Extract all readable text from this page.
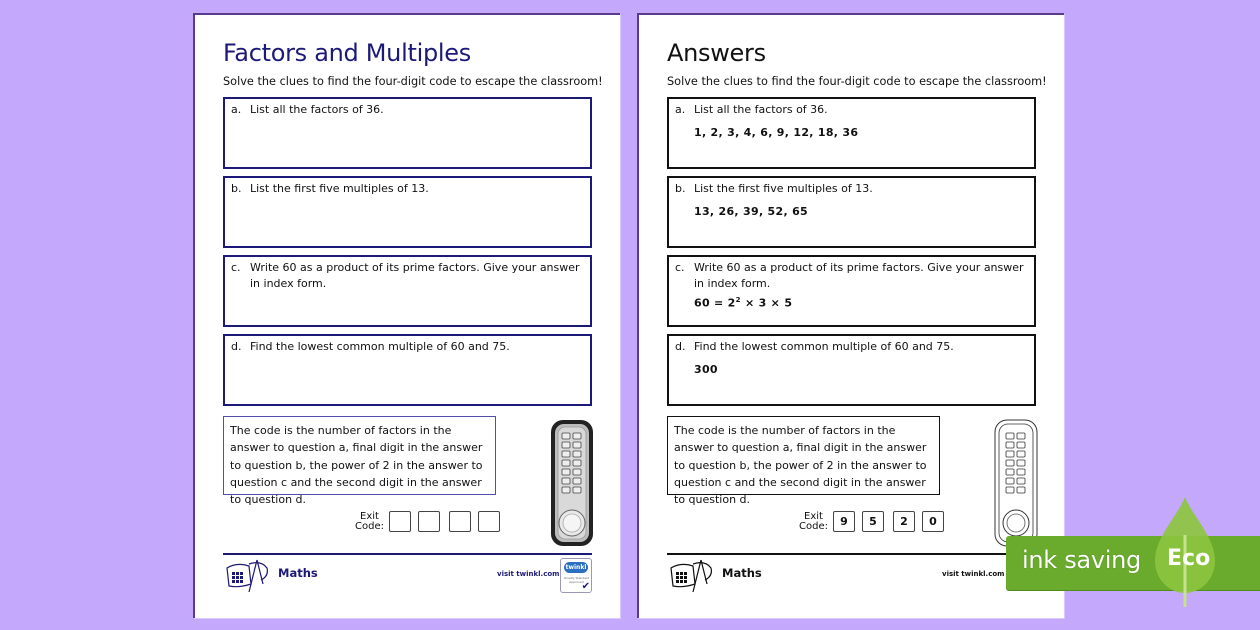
Factors and Multiples
Solve the clues to find the four-digit code to escape the classroom!
a. List all the factors of 36.
b. List the first five multiples of 13.
c. Write 60 as a product of its prime factors. Give your answer in index form.
d. Find the lowest common multiple of 60 and 75.
The code is the number of factors in the answer to question a, final digit in the answer to question b, the power of 2 in the answer to question c and the second digit in the answer to question d.
Exit
Code:
Maths	visit twinkl.com
twinkl
Quality Standard Approved
✔
Answers
Solve the clues to find the four-digit code to escape the classroom!
a. List all the factors of 36.
1, 2, 3, 4, 6, 9, 12, 18, 36
b. List the first five multiples of 13.
13, 26, 39, 52, 65
c. Write 60 as a product of its prime factors. Give your answer in index form.
$60 = 2^2 \times 3 \times 5$
d. Find the lowest common multiple of 60 and 75.
300
The code is the number of factors in the answer to question a, final digit in the answer to question b, the power of 2 in the answer to question c and the second digit in the answer to question d.
Exit
Code:	9	5	2	0
Maths	visit twinkl.com ink saving Eco
